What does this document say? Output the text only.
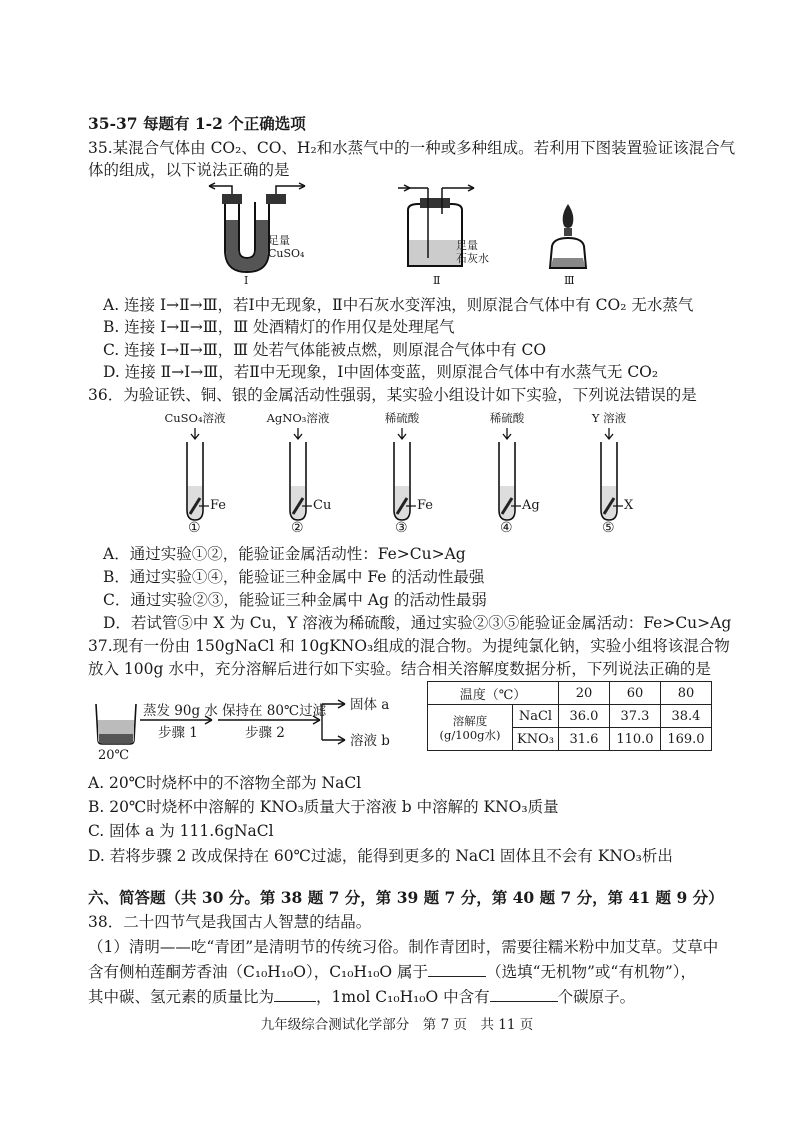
35-37 每题有 1-2 个正确选项
35.某混合气体由 CO₂、CO、H₂和水蒸气中的一种或多种组成。若利用下图装置验证该混合气
体的组成，以下说法正确的是
足量
CuSO₄
Ⅰ
足量
石灰水
Ⅱ	Ⅲ
A. 连接 Ⅰ→Ⅱ→Ⅲ，若Ⅰ中无现象，Ⅱ中石灰水变浑浊，则原混合气体中有 CO₂ 无水蒸气
B. 连接 Ⅰ→Ⅱ→Ⅲ，Ⅲ 处酒精灯的作用仅是处理尾气
C. 连接 Ⅰ→Ⅱ→Ⅲ，Ⅲ 处若气体能被点燃，则原混合气体中有 CO
D. 连接 Ⅱ→Ⅰ→Ⅲ，若Ⅱ中无现象，Ⅰ中固体变蓝，则原混合气体中有水蒸气无 CO₂
36．为验证铁、铜、银的金属活动性强弱，某实验小组设计如下实验，下列说法错误的是
CuSO₄溶液
Fe
①
AgNO₃溶液
Cu
②
稀硫酸
Fe
③
稀硫酸
Ag
④
Y 溶液
X
⑤
A．通过实验①②，能验证金属活动性：Fe>Cu>Ag
B．通过实验①④，能验证三种金属中 Fe 的活动性最强
C．通过实验②③，能验证三种金属中 Ag 的活动性最弱
D．若试管⑤中 X 为 Cu，Y 溶液为稀硫酸，通过实验②③⑤能验证金属活动：Fe>Cu>Ag
37.现有一份由 150gNaCl 和 10gKNO₃组成的混合物。为提纯氯化钠，实验小组将该混合物
放入 100g 水中，充分溶解后进行如下实验。结合相关溶解度数据分析，下列说法正确的是
20℃
蒸发 90g 水
步骤 1
保持在 80℃过滤
步骤 2
固体 a
溶液 b
温度（℃）		20	60	80

溶解度
(g/100g水)	NaCl	36.0	37.3	38.4
	KNO₃	31.6	110.0	169.0
A. 20℃时烧杯中的不溶物全部为 NaCl
B. 20℃时烧杯中溶解的 KNO₃质量大于溶液 b 中溶解的 KNO₃质量
C. 固体 a 为 111.6gNaCl
D. 若将步骤 2 改成保持在 60℃过滤，能得到更多的 NaCl 固体且不会有 KNO₃析出
六、简答题（共 30 分。第 38 题 7 分，第 39 题 7 分，第 40 题 7 分，第 41 题 9 分）
38．二十四节气是我国古人智慧的结晶。
（1）清明——吃“青团”是清明节的传统习俗。制作青团时，需要往糯米粉中加艾草。艾草中
含有侧柏莲酮芳香油（C₁₀H₁₀O），C₁₀H₁₀O 属于	（选填“无机物”或“有机物”），
其中碳、氢元素的质量比为	，1mol C₁₀H₁₀O 中含有	个碳原子。
九年级综合测试化学部分　第 7 页　共 11 页
